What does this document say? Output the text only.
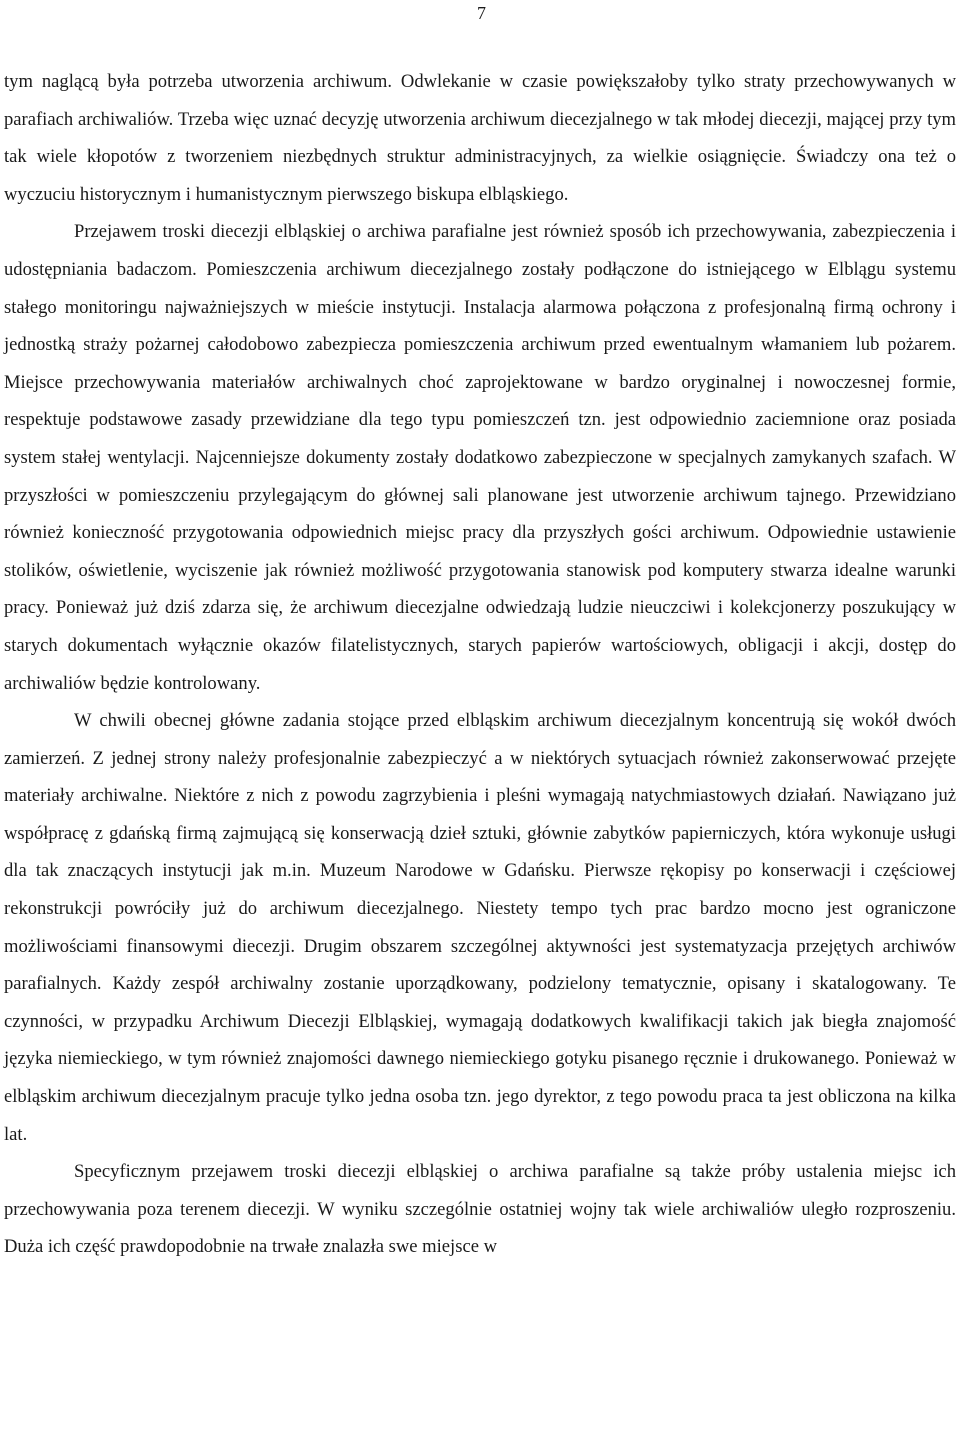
7

tym naglącą była potrzeba utworzenia archiwum. Odwlekanie w czasie powiększałoby tylko straty przechowywanych w parafiach archiwaliów. Trzeba więc uznać decyzję utworzenia archiwum diecezjalnego w tak młodej diecezji, mającej przy tym tak wiele kłopotów z tworzeniem niezbędnych struktur administracyjnych, za wielkie osiągnięcie. Świadczy ona też o wyczuciu historycznym i humanistycznym pierwszego biskupa elbląskiego.

Przejawem troski diecezji elbląskiej o archiwa parafialne jest również sposób ich przechowywania, zabezpieczenia i udostępniania badaczom. Pomieszczenia archiwum diecezjalnego zostały podłączone do istniejącego w Elblągu systemu stałego monitoringu najważniejszych w mieście instytucji. Instalacja alarmowa połączona z profesjonalną firmą ochrony i jednostką straży pożarnej całodobowo zabezpiecza pomieszczenia archiwum przed ewentualnym włamaniem lub pożarem. Miejsce przechowywania materiałów archiwalnych choć zaprojektowane w bardzo oryginalnej i nowoczesnej formie, respektuje podstawowe zasady przewidziane dla tego typu pomieszczeń tzn. jest odpowiednio zaciemnione oraz posiada system stałej wentylacji. Najcenniejsze dokumenty zostały dodatkowo zabezpieczone w specjalnych zamykanych szafach. W przyszłości w pomieszczeniu przylegającym do głównej sali planowane jest utworzenie archiwum tajnego. Przewidziano również konieczność przygotowania odpowiednich miejsc pracy dla przyszłych gości archiwum. Odpowiednie ustawienie stolików, oświetlenie, wyciszenie jak również możliwość przygotowania stanowisk pod komputery stwarza idealne warunki pracy. Ponieważ już dziś zdarza się, że archiwum diecezjalne odwiedzają ludzie nieuczciwi i kolekcjonerzy poszukujący w starych dokumentach wyłącznie okazów filatelistycznych, starych papierów wartościowych, obligacji i akcji, dostęp do archiwaliów będzie kontrolowany.

W chwili obecnej główne zadania stojące przed elbląskim archiwum diecezjalnym koncentrują się wokół dwóch zamierzeń. Z jednej strony należy profesjonalnie zabezpieczyć a w niektórych sytuacjach również zakonserwować przejęte materiały archiwalne. Niektóre z nich z powodu zagrzybienia i pleśni wymagają natychmiastowych działań. Nawiązano już współpracę z gdańską firmą zajmującą się konserwacją dzieł sztuki, głównie zabytków papierniczych, która wykonuje usługi dla tak znaczących instytucji jak m.in. Muzeum Narodowe w Gdańsku. Pierwsze rękopisy po konserwacji i częściowej rekonstrukcji powróciły już do archiwum diecezjalnego. Niestety tempo tych prac bardzo mocno jest ograniczone możliwościami finansowymi diecezji. Drugim obszarem szczególnej aktywności jest systematyzacja przejętych archiwów parafialnych. Każdy zespół archiwalny zostanie uporządkowany, podzielony tematycznie, opisany i skatalogowany. Te czynności, w przypadku Archiwum Diecezji Elbląskiej, wymagają dodatkowych kwalifikacji takich jak biegła znajomość języka niemieckiego, w tym również znajomości dawnego niemieckiego gotyku pisanego ręcznie i drukowanego. Ponieważ w elbląskim archiwum diecezjalnym pracuje tylko jedna osoba tzn. jego dyrektor, z tego powodu praca ta jest obliczona na kilka lat.

Specyficznym przejawem troski diecezji elbląskiej o archiwa parafialne są także próby ustalenia miejsc ich przechowywania poza terenem diecezji. W wyniku szczególnie ostatniej wojny tak wiele archiwaliów uległo rozproszeniu. Duża ich część prawdopodobnie na trwałe znalazła swe miejsce w
